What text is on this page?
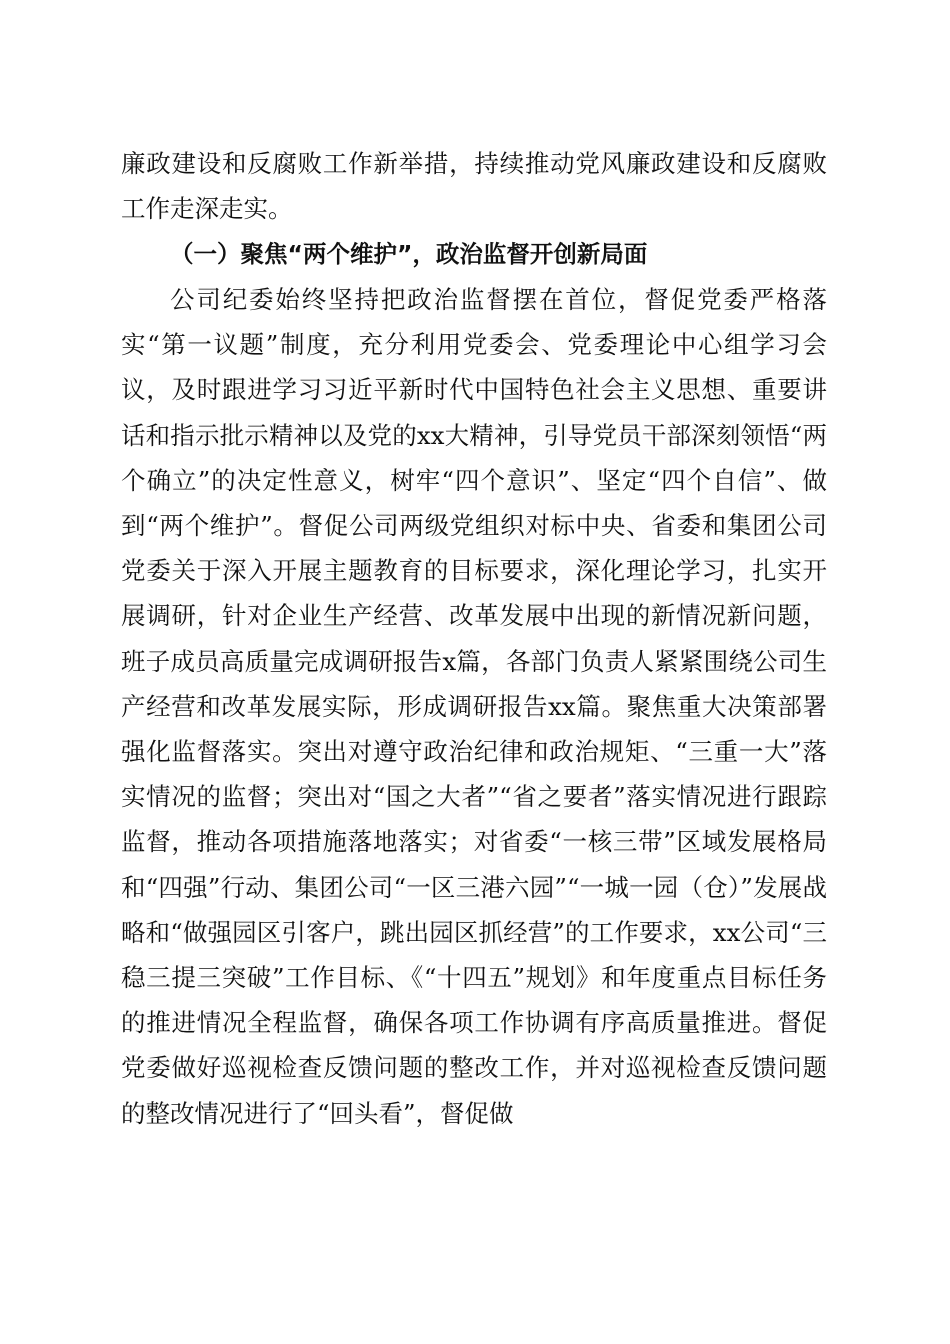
廉政建设和反腐败工作新举措，持续推动党风廉政建设和反腐败工作走深走实。

（一）聚焦“两个维护”，政治监督开创新局面

公司纪委始终坚持把政治监督摆在首位，督促党委严格落实“第一议题”制度，充分利用党委会、党委理论中心组学习会议，及时跟进学习习近平新时代中国特色社会主义思想、重要讲话和指示批示精神以及党的xx大精神，引导党员干部深刻领悟“两个确立”的决定性意义，树牢“四个意识”、坚定“四个自信”、做到“两个维护”。督促公司两级党组织对标中央、省委和集团公司党委关于深入开展主题教育的目标要求，深化理论学习，扎实开展调研，针对企业生产经营、改革发展中出现的新情况新问题，班子成员高质量完成调研报告x篇，各部门负责人紧紧围绕公司生产经营和改革发展实际，形成调研报告xx篇。聚焦重大决策部署强化监督落实。突出对遵守政治纪律和政治规矩、“三重一大”落实情况的监督；突出对“国之大者”“省之要者”落实情况进行跟踪监督，推动各项措施落地落实；对省委“一核三带”区域发展格局和“四强”行动、集团公司“一区三港六园”“一城一园（仓）”发展战略和“做强园区引客户，跳出园区抓经营”的工作要求，xx公司“三稳三提三突破”工作目标、《“十四五”规划》和年度重点目标任务的推进情况全程监督，确保各项工作协调有序高质量推进。督促党委做好巡视检查反馈问题的整改工作，并对巡视检查反馈问题的整改情况进行了“回头看”，督促做
